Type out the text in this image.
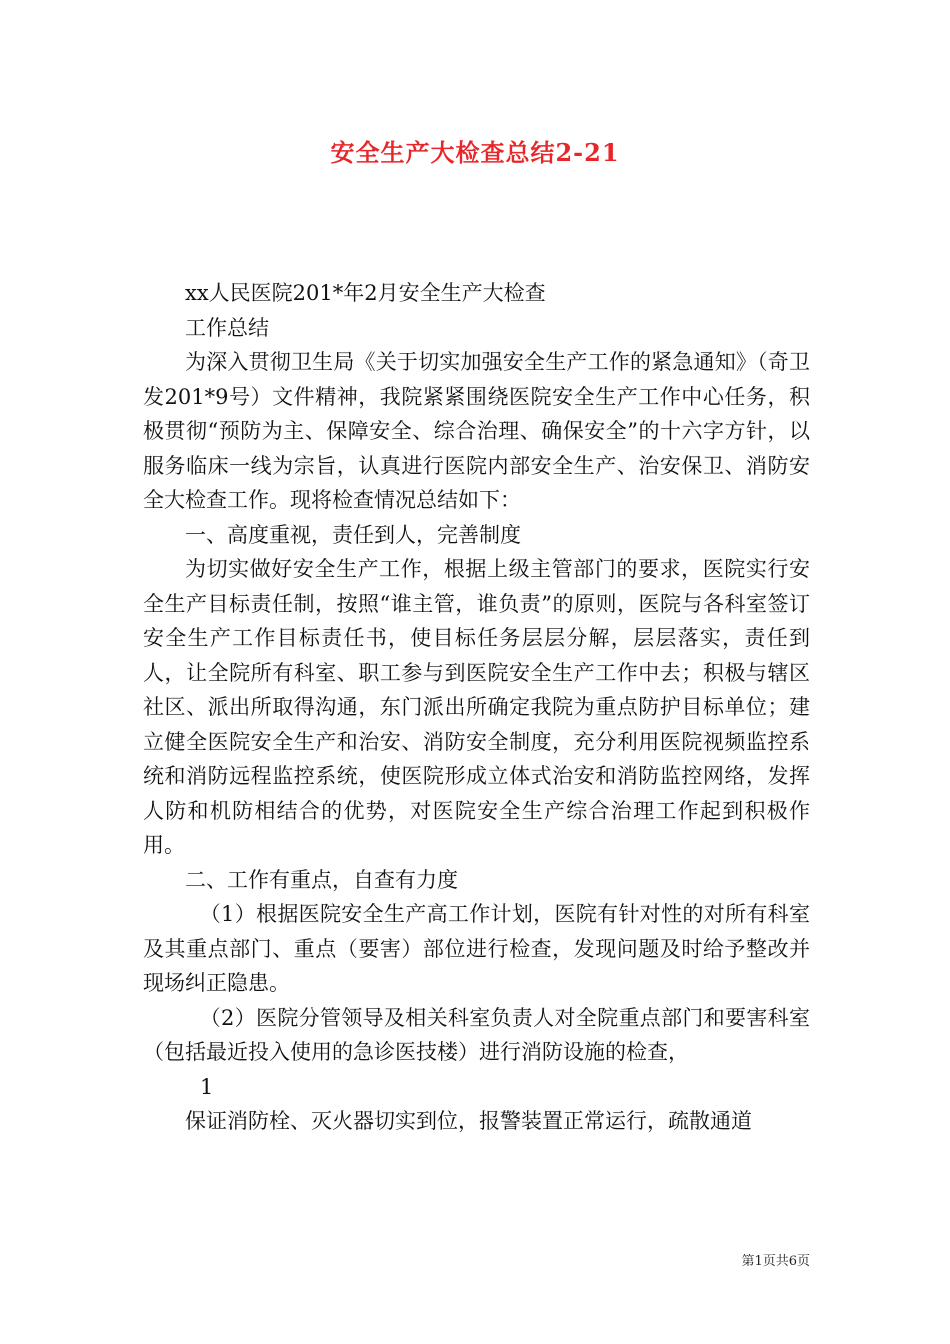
安全生产大检查总结2-21

xx人民医院201*年2月安全生产大检查

工作总结

为深入贯彻卫生局《关于切实加强安全生产工作的紧急通知》（奇卫发201*9号）文件精神，我院紧紧围绕医院安全生产工作中心任务，积极贯彻“预防为主、保障安全、综合治理、确保安全”的十六字方针，以服务临床一线为宗旨，认真进行医院内部安全生产、治安保卫、消防安全大检查工作。现将检查情况总结如下：

一、高度重视，责任到人，完善制度

为切实做好安全生产工作，根据上级主管部门的要求，医院实行安全生产目标责任制，按照“谁主管，谁负责”的原则，医院与各科室签订安全生产工作目标责任书，使目标任务层层分解，层层落实，责任到人，让全院所有科室、职工参与到医院安全生产工作中去；积极与辖区社区、派出所取得沟通，东门派出所确定我院为重点防护目标单位；建立健全医院安全生产和治安、消防安全制度，充分利用医院视频监控系统和消防远程监控系统，使医院形成立体式治安和消防监控网络，发挥人防和机防相结合的优势，对医院安全生产综合治理工作起到积极作用。

二、工作有重点，自查有力度

（1）根据医院安全生产高工作计划，医院有针对性的对所有科室及其重点部门、重点（要害）部位进行检查，发现问题及时给予整改并现场纠正隐患。

（2）医院分管领导及相关科室负责人对全院重点部门和要害科室（包括最近投入使用的急诊医技楼）进行消防设施的检查，

1

保证消防栓、灭火器切实到位，报警装置正常运行，疏散通道

第1页共6页
